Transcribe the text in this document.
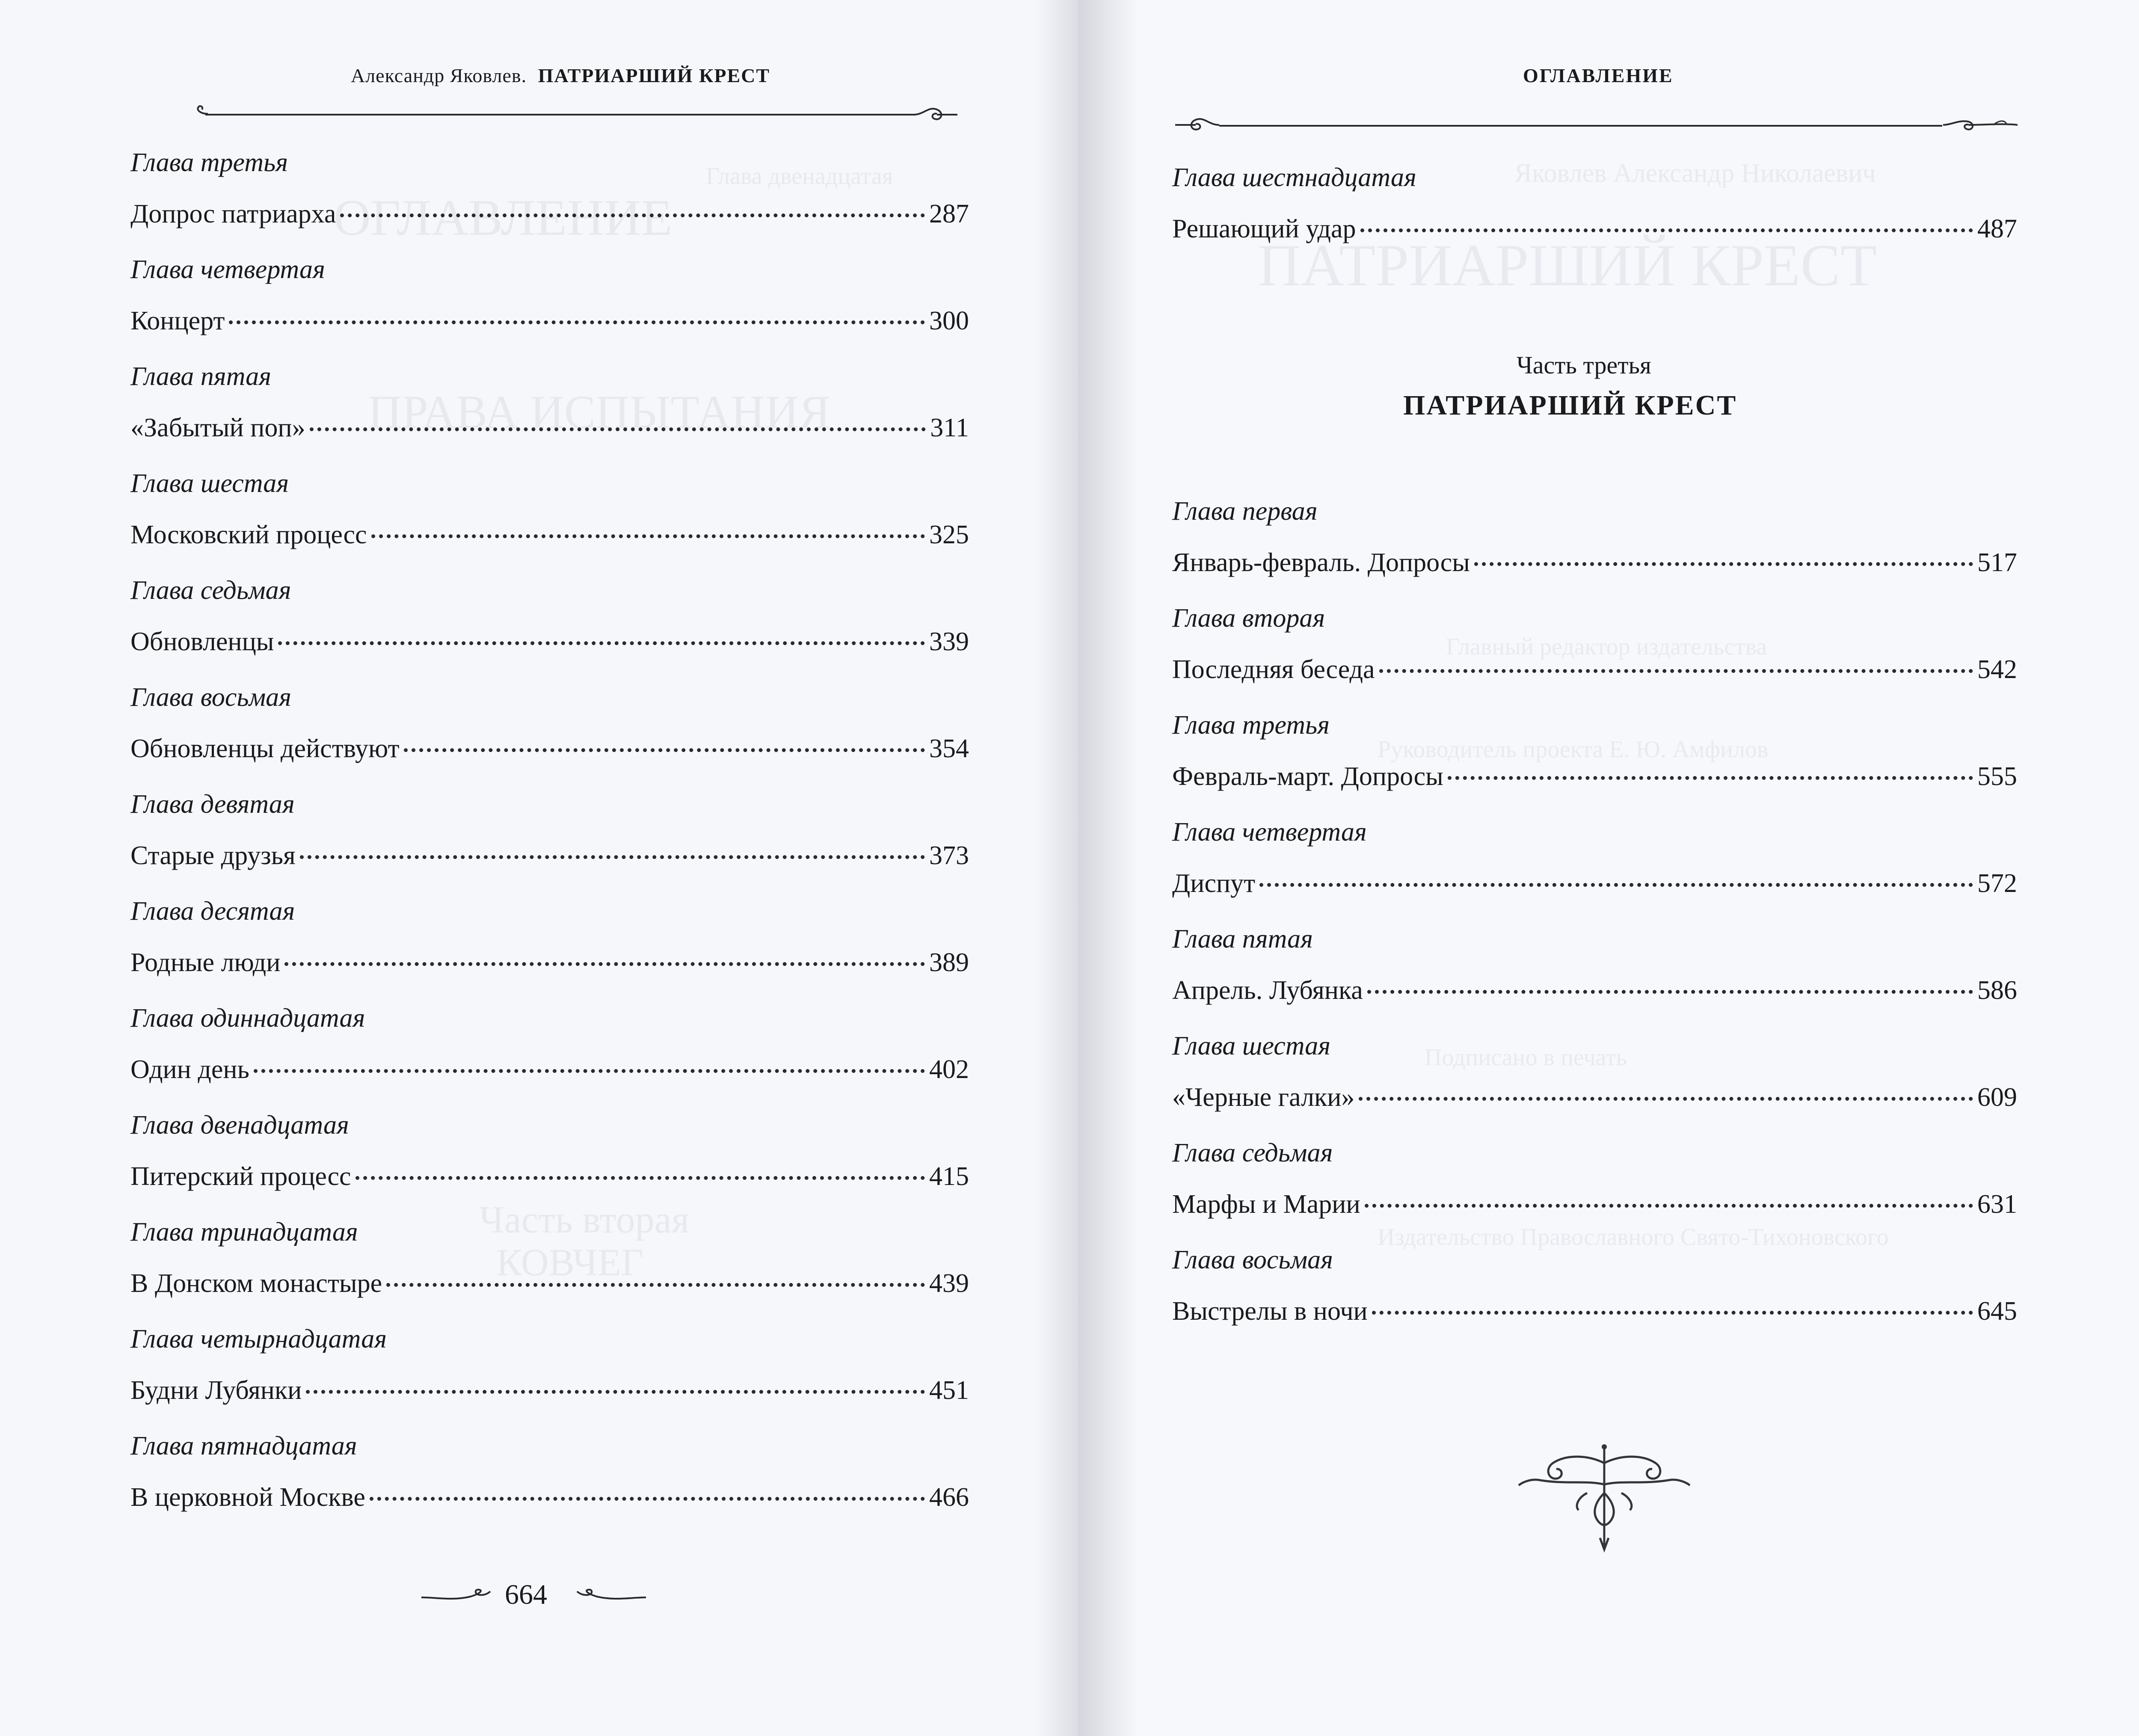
Александр Яковлев. ПАТРИАРШИЙ КРЕСТ
Глава двенадцатая
ОГЛАВЛЕНИЕ
ПРАВА ИСПЫТАНИЯ
Часть вторая
КОВЧЕГ
Глава третья
Допрос патриарха	287
Глава четвертая
Концерт	300
Глава пятая
«Забытый поп»	311
Глава шестая
Московский процесс	325
Глава седьмая
Обновленцы	339
Глава восьмая
Обновленцы действуют	354
Глава девятая
Старые друзья	373
Глава десятая
Родные люди	389
Глава одиннадцатая
Один день	402
Глава двенадцатая
Питерский процесс	415
Глава тринадцатая
В Донском монастыре	439
Глава четырнадцатая
Будни Лубянки	451
Глава пятнадцатая
В церковной Москве	466
664
ОГЛАВЛЕНИЕ
Яковлев Александр Николаевич
ПАТРИАРШИЙ КРЕСТ
Главный редактор издательства
Руководитель проекта Е. Ю. Амфилов
Подписано в печать
Издательство Православного Свято-Тихоновского
Глава шестнадцатая
Решающий удар	487
Часть третья
ПАТРИАРШИЙ КРЕСТ
Глава первая
Январь-февраль. Допросы	517
Глава вторая
Последняя беседа	542
Глава третья
Февраль-март. Допросы	555
Глава четвертая
Диспут	572
Глава пятая
Апрель. Лубянка	586
Глава шестая
«Черные галки»	609
Глава седьмая
Марфы и Марии	631
Глава восьмая
Выстрелы в ночи	645
